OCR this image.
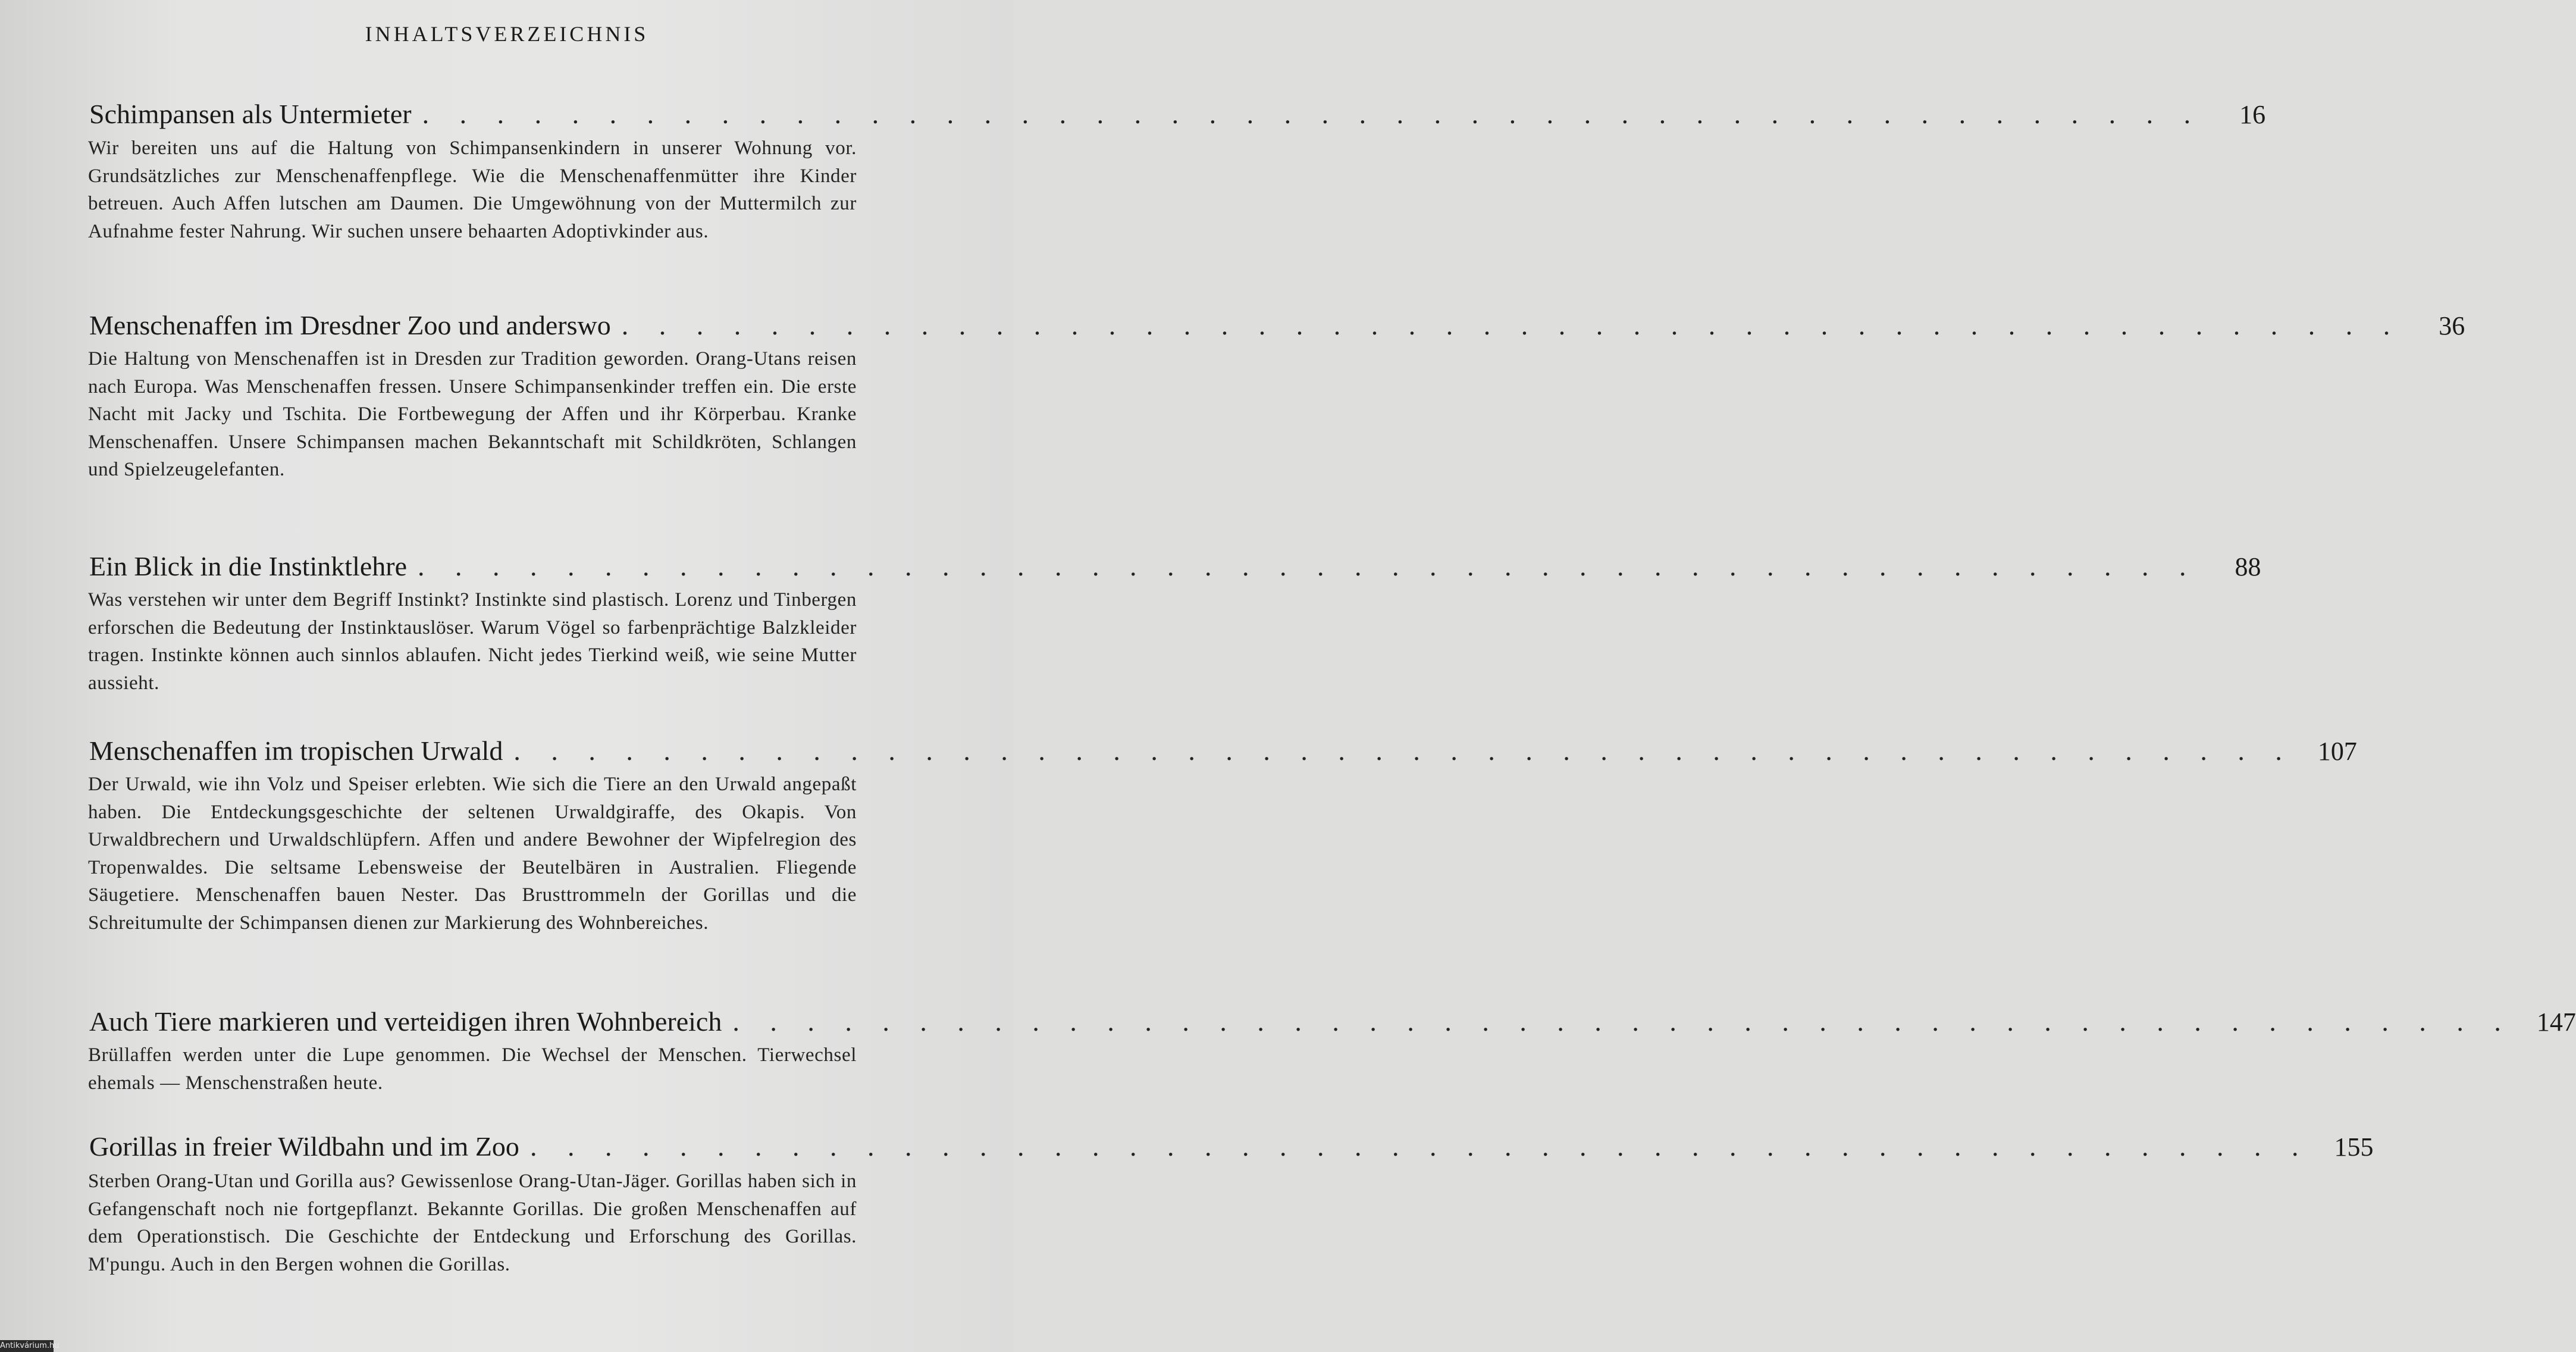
INHALTSVERZEICHNIS
Schimpansen als Untermieter . . . . . . . . . . . . . . . . . . . . . . . . . . . . . . . . . . . . . . . . . . . . . . . .	16
Wir bereiten uns auf die Haltung von Schimpansenkindern in unserer Wohnung vor. Grundsätzliches zur Menschenaffenpflege. Wie die Menschenaffenmütter ihre Kinder betreuen. Auch Affen lutschen am Daumen. Die Umgewöhnung von der Muttermilch zur Aufnahme fester Nahrung. Wir suchen unsere behaarten Adoptivkinder aus.
Menschenaffen im Dresdner Zoo und anderswo . . . . . . . . . . . . . . . . . . . . . . . . . . . . . . . . . . . . . . . . . . . . . . . .	36
Die Haltung von Menschenaffen ist in Dresden zur Tradition geworden. Orang-Utans reisen nach Europa. Was Menschenaffen fressen. Unsere Schimpansenkinder treffen ein. Die erste Nacht mit Jacky und Tschita. Die Fortbewegung der Affen und ihr Körperbau. Kranke Menschenaffen. Unsere Schimpansen machen Bekanntschaft mit Schildkröten, Schlangen und Spielzeugelefanten.
Ein Blick in die Instinktlehre . . . . . . . . . . . . . . . . . . . . . . . . . . . . . . . . . . . . . . . . . . . . . . . .	88
Was verstehen wir unter dem Begriff Instinkt? Instinkte sind plastisch. Lorenz und Tinbergen erforschen die Bedeutung der Instinktauslöser. Warum Vögel so farbenprächtige Balzkleider tragen. Instinkte können auch sinnlos ablaufen. Nicht jedes Tierkind weiß, wie seine Mutter aussieht.
Menschenaffen im tropischen Urwald . . . . . . . . . . . . . . . . . . . . . . . . . . . . . . . . . . . . . . . . . . . . . . . . 107
Der Urwald, wie ihn Volz und Speiser erlebten. Wie sich die Tiere an den Urwald angepaßt haben. Die Entdeckungsgeschichte der seltenen Urwaldgiraffe, des Okapis. Von Urwaldbrechern und Urwaldschlüpfern. Affen und andere Bewohner der Wipfelregion des Tropenwaldes. Die seltsame Lebensweise der Beutelbären in Australien. Fliegende Säugetiere. Menschenaffen bauen Nester. Das Brusttrommeln der Gorillas und die Schreitumulte der Schimpansen dienen zur Markierung des Wohnbereiches.
Auch Tiere markieren und verteidigen ihren Wohnbereich . . . . . . . . . . . . . . . . . . . . . . . . . . . . . . . . . . . . . . . . . . . . . . . . 147
Brüllaffen werden unter die Lupe genommen. Die Wechsel der Menschen. Tierwechsel ehemals — Menschenstraßen heute.
Gorillas in freier Wildbahn und im Zoo . . . . . . . . . . . . . . . . . . . . . . . . . . . . . . . . . . . . . . . . . . . . . . . . 155
Sterben Orang-Utan und Gorilla aus? Gewissenlose Orang-Utan-Jäger. Gorillas haben sich in Gefangenschaft noch nie fortgepflanzt. Bekannte Gorillas. Die großen Menschenaffen auf dem Operationstisch. Die Geschichte der Entdeckung und Erforschung des Gorillas. M'pungu. Auch in den Bergen wohnen die Gorillas.
Antikvárium.hu
